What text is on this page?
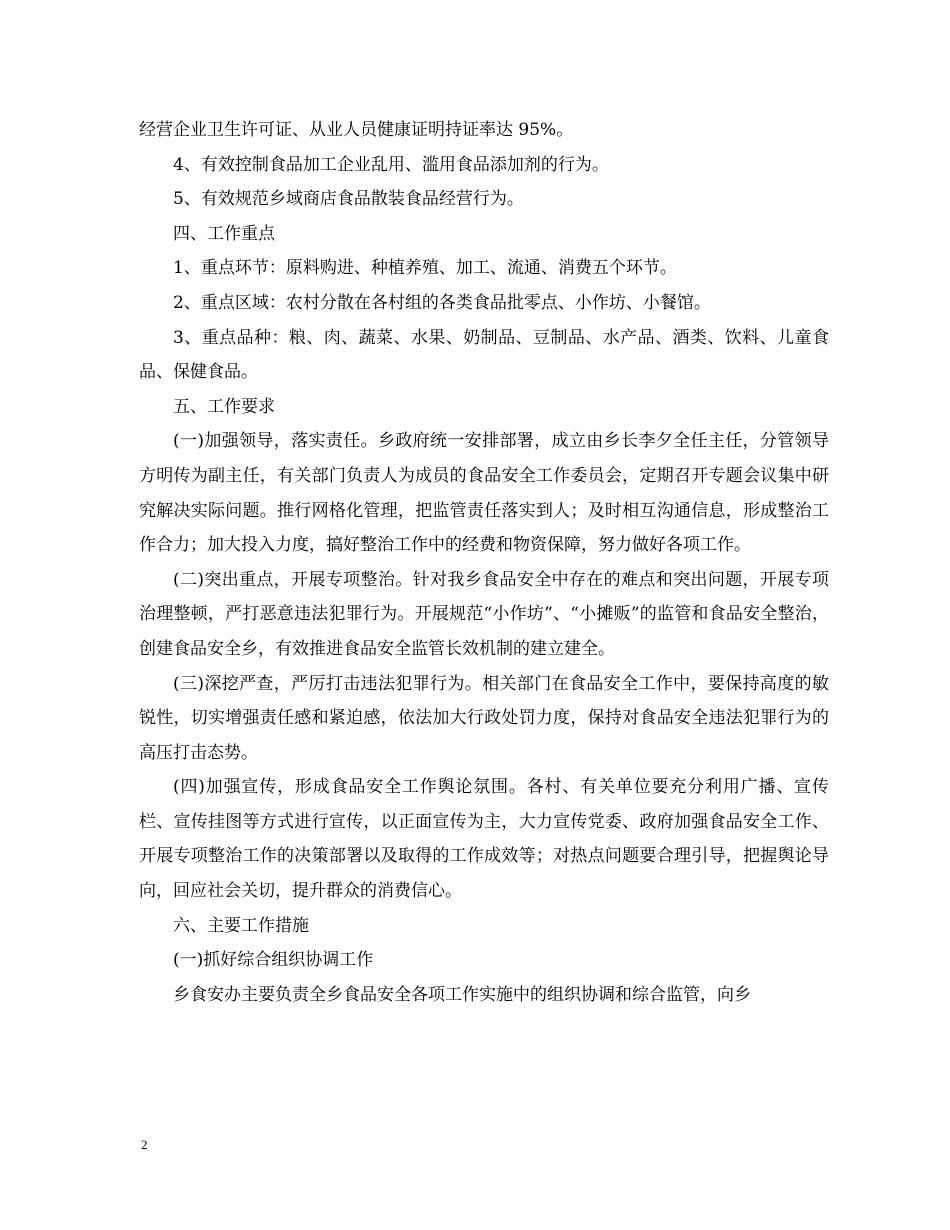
经营企业卫生许可证、从业人员健康证明持证率达 95%。

4、有效控制食品加工企业乱用、滥用食品添加剂的行为。

5、有效规范乡域商店食品散装食品经营行为。

四、工作重点

1、重点环节：原料购进、种植养殖、加工、流通、消费五个环节。

2、重点区域：农村分散在各村组的各类食品批零点、小作坊、小餐馆。

3、重点品种：粮、肉、蔬菜、水果、奶制品、豆制品、水产品、酒类、饮料、儿童食品、保健食品。

五、工作要求

(一)加强领导，落实责任。乡政府统一安排部署，成立由乡长李夕全任主任，分管领导方明传为副主任，有关部门负责人为成员的食品安全工作委员会，定期召开专题会议集中研究解决实际问题。推行网格化管理，把监管责任落实到人；及时相互沟通信息，形成整治工作合力；加大投入力度，搞好整治工作中的经费和物资保障，努力做好各项工作。

(二)突出重点，开展专项整治。针对我乡食品安全中存在的难点和突出问题，开展专项治理整顿，严打恶意违法犯罪行为。开展规范“小作坊”、“小摊贩”的监管和食品安全整治，创建食品安全乡，有效推进食品安全监管长效机制的建立建全。

(三)深挖严查，严厉打击违法犯罪行为。相关部门在食品安全工作中，要保持高度的敏锐性，切实增强责任感和紧迫感，依法加大行政处罚力度，保持对食品安全违法犯罪行为的高压打击态势。

(四)加强宣传，形成食品安全工作舆论氛围。各村、有关单位要充分利用广播、宣传栏、宣传挂图等方式进行宣传，以正面宣传为主，大力宣传党委、政府加强食品安全工作、开展专项整治工作的决策部署以及取得的工作成效等；对热点问题要合理引导，把握舆论导向，回应社会关切，提升群众的消费信心。

六、主要工作措施

(一)抓好综合组织协调工作

乡食安办主要负责全乡食品安全各项工作实施中的组织协调和综合监管，向乡

2
